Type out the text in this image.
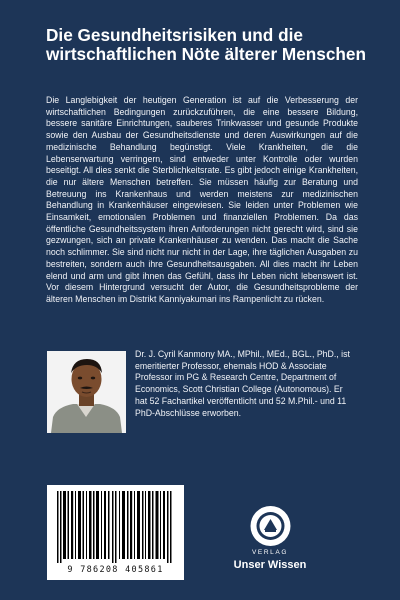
Die Gesundheitsrisiken und die wirtschaftlichen Nöte älterer Menschen

Die Langlebigkeit der heutigen Generation ist auf die Verbesserung der wirtschaftlichen Bedingungen zurückzuführen, die eine bessere Bildung, bessere sanitäre Einrichtungen, sauberes Trinkwasser und gesunde Produkte sowie den Ausbau der Gesundheitsdienste und deren Auswirkungen auf die medizinische Behandlung begünstigt. Viele Krankheiten, die die Lebenserwartung verringern, sind entweder unter Kontrolle oder wurden beseitigt. All dies senkt die Sterblichkeitsrate. Es gibt jedoch einige Krankheiten, die nur ältere Menschen betreffen. Sie müssen häufig zur Beratung und Betreuung ins Krankenhaus und werden meistens zur medizinischen Behandlung in Krankenhäuser eingewiesen. Sie leiden unter Problemen wie Einsamkeit, emotionalen Problemen und finanziellen Problemen. Da das öffentliche Gesundheitssystem ihren Anforderungen nicht gerecht wird, sind sie gezwungen, sich an private Krankenhäuser zu wenden. Das macht die Sache noch schlimmer. Sie sind nicht nur nicht in der Lage, ihre täglichen Ausgaben zu bestreiten, sondern auch ihre Gesundheitsausgaben. All dies macht ihr Leben elend und arm und gibt ihnen das Gefühl, dass ihr Leben nicht lebenswert ist. Vor diesem Hintergrund versucht der Autor, die Gesundheitsprobleme der älteren Menschen im Distrikt Kanniyakumari ins Rampenlicht zu rücken.

Dr. J. Cyril Kanmony MA., MPhil., MEd., BGL., PhD., ist emeritierter Professor, ehemals HOD & Associate Professor im PG & Research Centre, Department of Economics, Scott Christian College (Autonomous). Er hat 52 Fachartikel veröffentlicht und 52 M.Phil.- und 11 PhD-Abschlüsse erworben.

9 786208 405861
VERLAG
Unser Wissen
